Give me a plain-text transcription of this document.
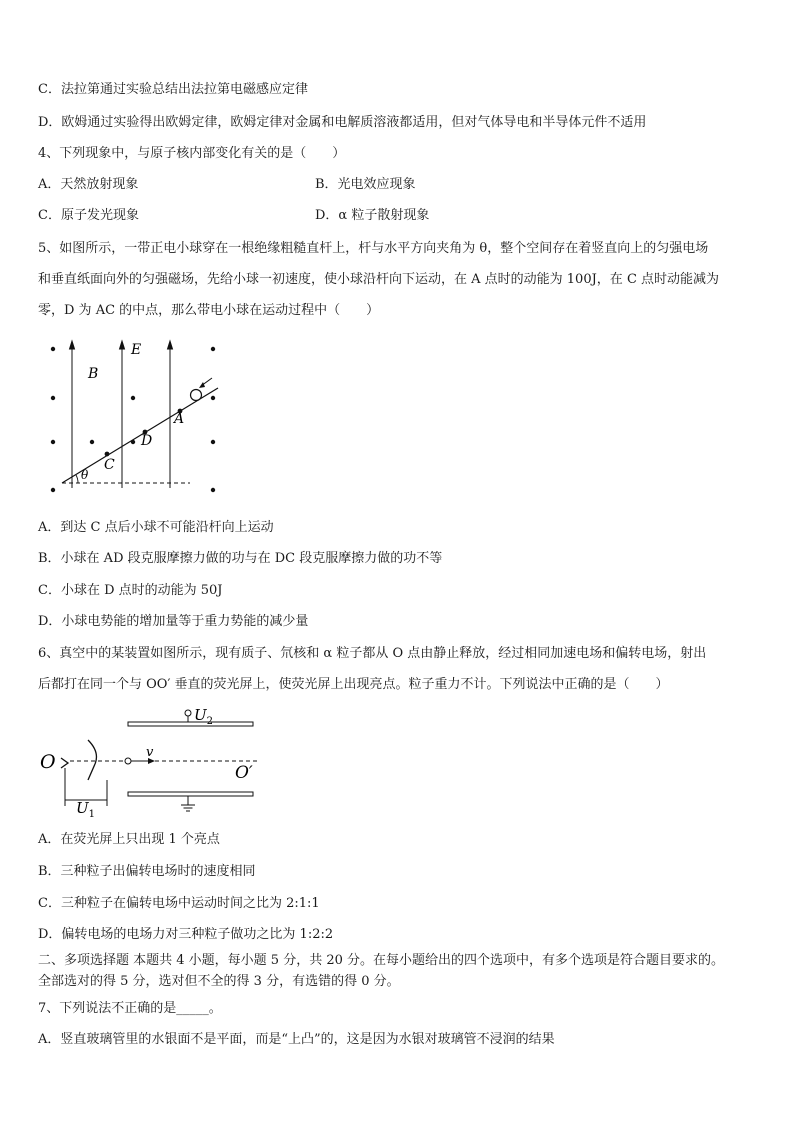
C．法拉第通过实验总结出法拉第电磁感应定律
D．欧姆通过实验得出欧姆定律，欧姆定律对金属和电解质溶液都适用，但对气体导电和半导体元件不适用
4、下列现象中，与原子核内部变化有关的是（　　）
A．天然放射现象	B．光电效应现象
C．原子发光现象	D．α 粒子散射现象
5、如图所示，一带正电小球穿在一根绝缘粗糙直杆上，杆与水平方向夹角为 θ，整个空间存在着竖直向上的匀强电场
和垂直纸面向外的匀强磁场，先给小球一初速度，使小球沿杆向下运动，在 A 点时的动能为 100J，在 C 点时动能减为
零，D 为 AC 的中点，那么带电小球在运动过程中（　　）
B
E
A
C
D
θ
A．到达 C 点后小球不可能沿杆向上运动
B．小球在 AD 段克服摩擦力做的功与在 DC 段克服摩擦力做的功不等
C．小球在 D 点时的动能为 50J
D．小球电势能的增加量等于重力势能的减少量
6、真空中的某装置如图所示，现有质子、氘核和 α 粒子都从 O 点由静止释放，经过相同加速电场和偏转电场，射出
后都打在同一个与 OO′ 垂直的荧光屏上，使荧光屏上出现亮点。粒子重力不计。下列说法中正确的是（　　）
$U_2$
v
O	O′
$U_1$
A．在荧光屏上只出现 1 个亮点
B．三种粒子出偏转电场时的速度相同
C．三种粒子在偏转电场中运动时间之比为 2:1:1
D．偏转电场的电场力对三种粒子做功之比为 1:2:2
二、多项选择题 本题共 4 小题，每小题 5 分，共 20 分。在每小题给出的四个选项中，有多个选项是符合题目要求的。
全部选对的得 5 分，选对但不全的得 3 分，有选错的得 0 分。
7、下列说法不正确的是_____。
A．竖直玻璃管里的水银面不是平面，而是“上凸”的，这是因为水银对玻璃管不浸润的结果
